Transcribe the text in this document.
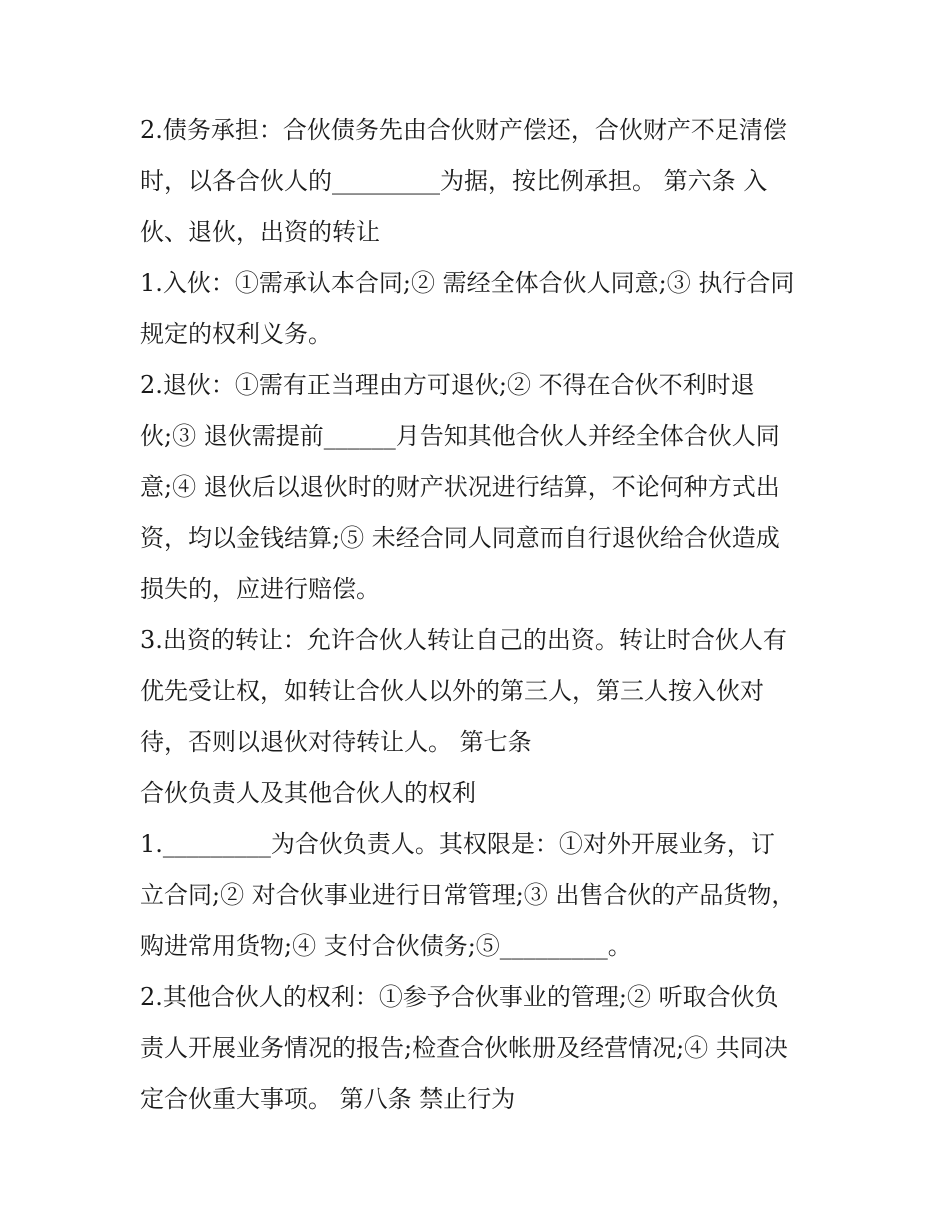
2.债务承担：合伙债务先由合伙财产偿还，合伙财产不足清偿
时，以各合伙人的_________为据，按比例承担。 第六条 入
伙、退伙，出资的转让
1.入伙：①需承认本合同;② 需经全体合伙人同意;③ 执行合同
规定的权利义务。
2.退伙：①需有正当理由方可退伙;② 不得在合伙不利时退
伙;③ 退伙需提前______月告知其他合伙人并经全体合伙人同
意;④ 退伙后以退伙时的财产状况进行结算，不论何种方式出
资，均以金钱结算;⑤ 未经合同人同意而自行退伙给合伙造成
损失的，应进行赔偿。
3.出资的转让：允许合伙人转让自己的出资。转让时合伙人有
优先受让权，如转让合伙人以外的第三人，第三人按入伙对
待，否则以退伙对待转让人。 第七条
合伙负责人及其他合伙人的权利
1._________为合伙负责人。其权限是：①对外开展业务，订
立合同;② 对合伙事业进行日常管理;③ 出售合伙的产品货物，
购进常用货物;④ 支付合伙债务;⑤_________。
2.其他合伙人的权利：①参予合伙事业的管理;② 听取合伙负
责人开展业务情况的报告;检查合伙帐册及经营情况;④ 共同决
定合伙重大事项。 第八条 禁止行为
